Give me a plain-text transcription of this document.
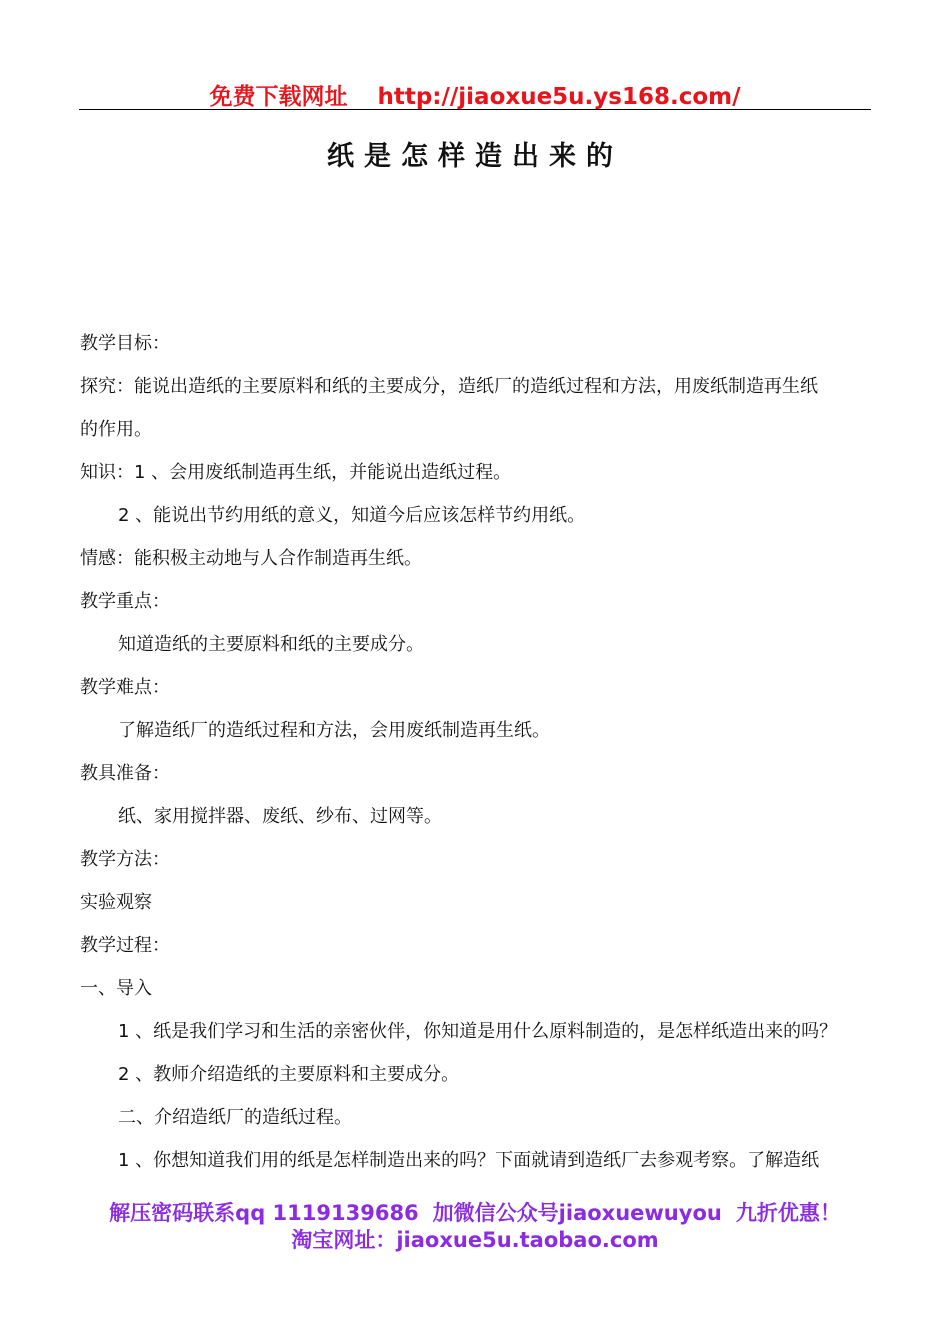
免费下载网址 http://jiaoxue5u.ys168.com/
纸是怎样造出来的
教学目标：
探究：能说出造纸的主要原料和纸的主要成分，造纸厂的造纸过程和方法，用废纸制造再生纸
的作用。
知识：1 、会用废纸制造再生纸，并能说出造纸过程。
2 、能说出节约用纸的意义，知道今后应该怎样节约用纸。
情感：能积极主动地与人合作制造再生纸。
教学重点：
知道造纸的主要原料和纸的主要成分。
教学难点：
了解造纸厂的造纸过程和方法，会用废纸制造再生纸。
教具准备：
纸、家用搅拌器、废纸、纱布、过网等。
教学方法：
实验观察
教学过程：
一、导入
1 、纸是我们学习和生活的亲密伙伴，你知道是用什么原料制造的，是怎样纸造出来的吗？
2 、教师介绍造纸的主要原料和主要成分。
二、介绍造纸厂的造纸过程。
1 、你想知道我们用的纸是怎样制造出来的吗？下面就请到造纸厂去参观考察。了解造纸
解压密码联系qq 1119139686 加微信公众号jiaoxuewuyou 九折优惠！
淘宝网址：jiaoxue5u.taobao.com
